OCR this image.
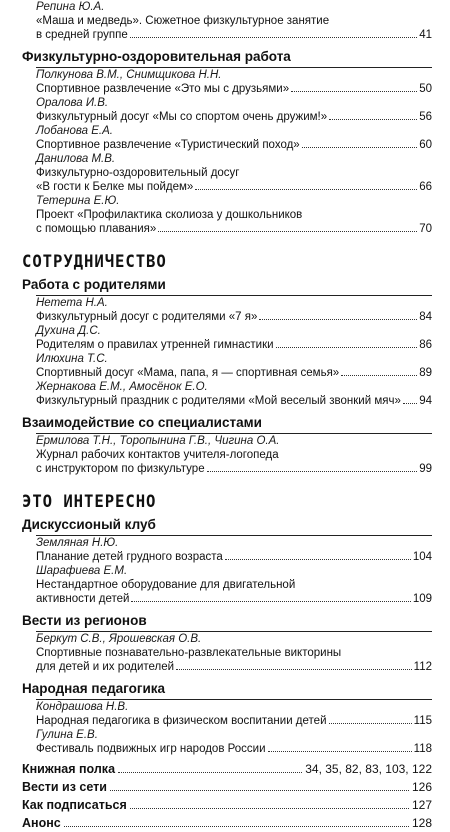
Репина Ю.А.
«Маша и медведь». Сюжетное физкультурное занятие
в средней группе	41
Физкультурно-оздоровительная работа
Полкунова В.М., Снимщикова Н.Н.
Спортивное развлечение «Это мы с друзьями»	50
Оралова И.В.
Физкультурный досуг «Мы со спортом очень дружим!»	56
Лобанова Е.А.
Спортивное развлечение «Туристический поход»	60
Данилова М.В.
Физкультурно-оздоровительный досуг
«В гости к Белке мы пойдем»	66
Тетерина Е.Ю.
Проект «Профилактика сколиоза у дошкольников
с помощью плавания»	70
СОТРУДНИЧЕСТВО
Работа с родителями
Нетета Н.А.
Физкультурный досуг с родителями «7 я»	84
Духина Д.С.
Родителям о правилах утренней гимнастики	86
Илюхина Т.С.
Спортивный досуг «Мама, папа, я — спортивная семья»	89
Жернакова Е.М., Амосёнок Е.О.
Физкультурный праздник с родителями «Мой веселый звонкий мяч» 94
Взаимодействие со специалистами
Ермилова Т.Н., Торопынина Г.В., Чигина О.А.
Журнал рабочих контактов учителя-логопеда
с инструктором по физкультуре	99
ЭТО ИНТЕРЕСНО
Дискуссионый клуб
Земляная Н.Ю.
Планание детей грудного возраста	104
Шарафиева Е.М.
Нестандартное оборудование для двигательной
активности детей	109
Вести из регионов
Беркут С.В., Ярошевская О.В.
Спортивные познавательно-развлекательные викторины
для детей и их родителей	112
Народная педагогика
Кондрашова Н.В.
Народная педагогика в физическом воспитании детей	115
Гулина Е.В.
Фестиваль подвижных игр народов России	118
Книжная полка	34, 35, 82, 83, 103, 122
Вести из сети	126
Как подписаться	127
Анонс	128
